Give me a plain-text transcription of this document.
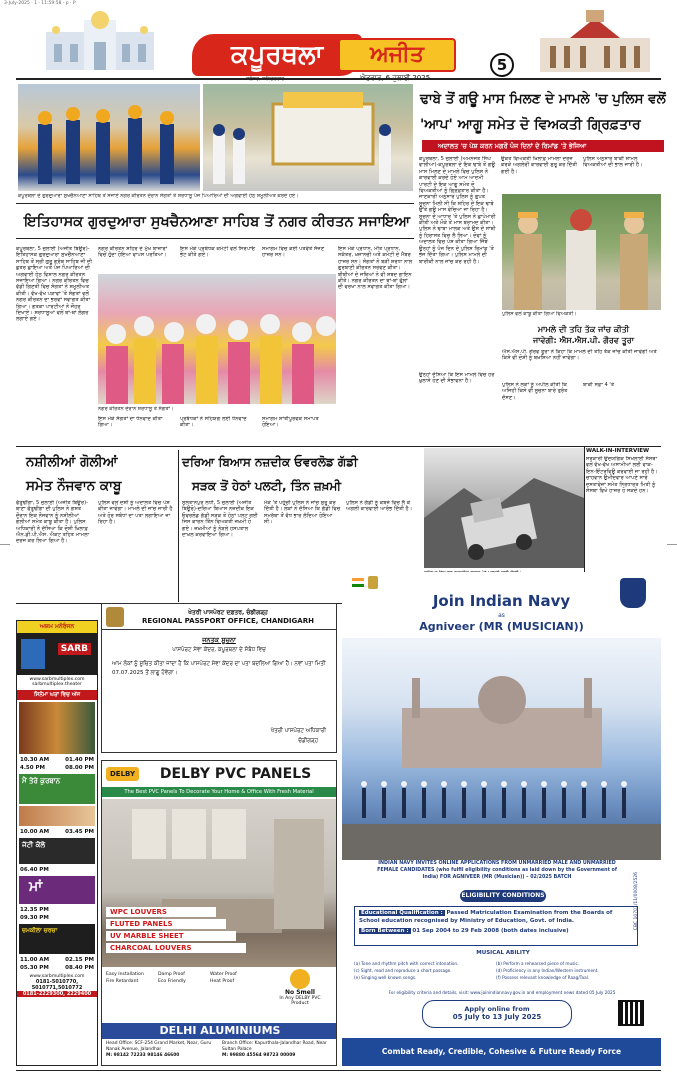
3-July-2025 · 1 · 11:59:58 · p · P
ਕਪੂਰਥਲਾ	ਅਜੀਤ	5
ਕਪੂਰਥਲਾ ਦੇ ਗੁਰਦੁਆਰਾ ਸੁਖਚੈਨਆਣਾ ਸਾਹਿਬ ਤੋਂ ਸਜਾਏ ਨਗਰ ਕੀਰਤਨ ਦੌਰਾਨ ਸੰਗਤਾਂ ਤੇ ਸ਼ਰਧਾਲੂ ਪੰਜ ਪਿਆਰਿਆਂ ਦੀ ਅਗਵਾਈ ਹੇਠ ਸ਼ਮੂਲੀਅਤ ਕਰਦੇ ਹੋਏ।
ਢਾਬੇ ਤੋਂ ਗਊ ਮਾਸ ਮਿਲਣ ਦੇ ਮਾਮਲੇ 'ਚ ਪੁਲਿਸ ਵਲੋਂ
'ਆਪ' ਆਗੂ ਸਮੇਤ ਦੋ ਵਿਅਕਤੀ ਗ੍ਰਿਫ਼ਤਾਰ
ਅਦਾਲਤ 'ਚ ਪੇਸ਼ ਕਰਨ ਮਗਰੋਂ ਪੰਜ ਦਿਨਾਂ ਦੇ ਰਿਮਾਂਡ 'ਤੇ ਭੇਜਿਆ
ਕਪੂਰਥਲਾ, 5 ਜੁਲਾਈ (ਅਮਨਜੋਤ ਸਿੰਘ ਵਾਲੀਆ)-ਕਪੂਰਥਲਾ ਦੇ ਇਕ ਢਾਬੇ ਤੋਂ ਗਊ ਮਾਸ ਮਿਲਣ ਦੇ ਮਾਮਲੇ ਵਿਚ ਪੁਲਿਸ ਨੇ ਕਾਰਵਾਈ ਕਰਦੇ ਹੋਏ ਆਮ ਆਦਮੀ ਪਾਰਟੀ ਦੇ ਇਕ ਆਗੂ ਸਮੇਤ ਦੋ ਵਿਅਕਤੀਆਂ ਨੂੰ ਗ੍ਰਿਫ਼ਤਾਰ ਕੀਤਾ ਹੈ। ਜਾਣਕਾਰੀ ਅਨੁਸਾਰ ਪੁਲਿਸ ਨੂੰ ਗੁਪਤ ਸੂਚਨਾ ਮਿਲੀ ਸੀ ਕਿ ਸ਼ਹਿਰ ਦੇ ਇਕ ਢਾਬੇ ਉੱਤੇ ਗਊ ਮਾਸ ਵੇਚਿਆ ਜਾ ਰਿਹਾ ਹੈ। ਸੂਚਨਾ ਦੇ ਆਧਾਰ 'ਤੇ ਪੁਲਿਸ ਨੇ ਛਾਪੇਮਾਰੀ ਕੀਤੀ ਅਤੇ ਮੌਕੇ ਤੋਂ ਮਾਸ ਬਰਾਮਦ ਕੀਤਾ। ਪੁਲਿਸ ਨੇ ਢਾਬਾ ਮਾਲਕ ਅਤੇ ਉਸ ਦੇ ਸਾਥੀ ਨੂੰ ਹਿਰਾਸਤ ਵਿਚ ਲੈ ਲਿਆ। ਦੋਵਾਂ ਨੂੰ ਅਦਾਲਤ ਵਿਚ ਪੇਸ਼ ਕੀਤਾ ਗਿਆ ਜਿੱਥੋਂ ਉਨ੍ਹਾਂ ਨੂੰ ਪੰਜ ਦਿਨ ਦੇ ਪੁਲਿਸ ਰਿਮਾਂਡ 'ਤੇ ਭੇਜ ਦਿੱਤਾ ਗਿਆ। ਪੁਲਿਸ ਮਾਮਲੇ ਦੀ ਬਾਰੀਕੀ ਨਾਲ ਜਾਂਚ ਕਰ ਰਹੀ ਹੈ।
ਉਕਤ ਵਿਅਕਤੀ ਖ਼ਿਲਾਫ਼ ਮਾਮਲਾ ਦਰਜ ਕਰਕੇ ਅਗਲੇਰੀ ਕਾਰਵਾਈ ਸ਼ੁਰੂ ਕਰ ਦਿੱਤੀ ਗਈ ਹੈ।
ਪੁਲਿਸ ਅਨੁਸਾਰ ਬਾਕੀ ਸ਼ਾਮਲ ਵਿਅਕਤੀਆਂ ਦੀ ਭਾਲ ਜਾਰੀ ਹੈ।
ਪੁਲਿਸ ਵਲੋਂ ਕਾਬੂ ਕੀਤਾ ਗਿਆ ਵਿਅਕਤੀ।
ਮਾਮਲੇ ਦੀ ਤਹਿ ਤੱਕ ਜਾਂਚ ਕੀਤੀ
ਜਾਵੇਗੀ: ਐਸ.ਐਸ.ਪੀ. ਗੌਰਵ ਤੂਰਾ
ਐਸ.ਐਸ.ਪੀ. ਗੌਰਵ ਤੂਰਾ ਨੇ ਕਿਹਾ ਕਿ ਮਾਮਲੇ ਦੀ ਤਹਿ ਤੱਕ ਜਾਂਚ ਕੀਤੀ ਜਾਵੇਗੀ ਅਤੇ ਕਿਸੇ ਵੀ ਦੋਸ਼ੀ ਨੂੰ ਬਖ਼ਸ਼ਿਆ ਨਹੀਂ ਜਾਵੇਗਾ।
ਉਨ੍ਹਾਂ ਦੱਸਿਆ ਕਿ ਇਸ ਮਾਮਲੇ ਵਿਚ ਹੋਰ ਖ਼ੁਲਾਸੇ ਹੋਣ ਦੀ ਸੰਭਾਵਨਾ ਹੈ।
ਪੁਲਿਸ ਨੇ ਲੋਕਾਂ ਨੂੰ ਅਪੀਲ ਕੀਤੀ ਕਿ ਅਜਿਹੀ ਕਿਸੇ ਵੀ ਸੂਚਨਾ ਬਾਰੇ ਤੁਰੰਤ ਦੱਸਣ।
ਬਾਕੀ ਸਫ਼ਾ 4 'ਤੇ
ਇਤਿਹਾਸਕ ਗੁਰਦੁਆਰਾ ਸੁਖਚੈਨਆਣਾ ਸਾਹਿਬ ਤੋਂ ਨਗਰ ਕੀਰਤਨ ਸਜਾਇਆ
ਕਪੂਰਥਲਾ, 5 ਜੁਲਾਈ (ਅਜੀਤ ਬਿਊਰੋ)-ਇਤਿਹਾਸਕ ਗੁਰਦੁਆਰਾ ਸੁਖਚੈਨਆਣਾ ਸਾਹਿਬ ਤੋਂ ਸ੍ਰੀ ਗੁਰੂ ਗ੍ਰੰਥ ਸਾਹਿਬ ਜੀ ਦੀ ਛਤਰ ਛਾਇਆ ਅਤੇ ਪੰਜ ਪਿਆਰਿਆਂ ਦੀ ਅਗਵਾਈ ਹੇਠ ਵਿਸ਼ਾਲ ਨਗਰ ਕੀਰਤਨ ਸਜਾਇਆ ਗਿਆ। ਨਗਰ ਕੀਰਤਨ ਵਿਚ ਵੱਡੀ ਗਿਣਤੀ ਵਿਚ ਸੰਗਤਾਂ ਨੇ ਸ਼ਮੂਲੀਅਤ ਕੀਤੀ। ਵੱਖ-ਵੱਖ ਪੜਾਵਾਂ 'ਤੇ ਸੰਗਤਾਂ ਵਲੋਂ ਨਗਰ ਕੀਰਤਨ ਦਾ ਭਰਵਾਂ ਸਵਾਗਤ ਕੀਤਾ ਗਿਆ। ਗਤਕਾ ਪਾਰਟੀਆਂ ਨੇ ਜੌਹਰ ਦਿਖਾਏ। ਸ਼ਰਧਾਲੂਆਂ ਵਲੋਂ ਥਾਂ-ਥਾਂ ਲੰਗਰ ਲਗਾਏ ਗਏ।
ਨਗਰ ਕੀਰਤਨ ਸ਼ਹਿਰ ਦੇ ਮੁੱਖ ਬਾਜ਼ਾਰਾਂ ਵਿਚੋਂ ਹੁੰਦਾ ਹੋਇਆ ਵਾਪਸ ਪਰਤਿਆ।
ਇਸ ਮੌਕੇ ਪ੍ਰਬੰਧਕ ਕਮੇਟੀ ਵਲੋਂ ਸਿਰਪਾਓ ਭੇਟ ਕੀਤੇ ਗਏ।
ਸਮਾਗਮ ਵਿਚ ਕਈ ਪਤਵੰਤੇ ਸੱਜਣ ਹਾਜ਼ਰ ਸਨ।
ਇਸ ਮੌਕੇ ਪ੍ਰਧਾਨ, ਮੀਤ ਪ੍ਰਧਾਨ, ਸਕੱਤਰ, ਖ਼ਜ਼ਾਨਚੀ ਅਤੇ ਕਮੇਟੀ ਦੇ ਮੈਂਬਰ ਹਾਜ਼ਰ ਸਨ। ਸੰਗਤਾਂ ਨੇ ਬੜੀ ਸ਼ਰਧਾ ਨਾਲ ਗੁਰਬਾਣੀ ਕੀਰਤਨ ਸਰਵਣ ਕੀਤਾ। ਬੀਬੀਆਂ ਦੇ ਜਥਿਆਂ ਨੇ ਵੀ ਸ਼ਬਦ ਗਾਇਨ ਕੀਤੇ। ਨਗਰ ਕੀਰਤਨ ਦਾ ਥਾਂ-ਥਾਂ ਫੁੱਲਾਂ ਦੀ ਵਰਖਾ ਨਾਲ ਸਵਾਗਤ ਕੀਤਾ ਗਿਆ।
ਨਗਰ ਕੀਰਤਨ ਦੌਰਾਨ ਸ਼ਰਧਾਲੂ ਤੇ ਸੰਗਤਾਂ।
ਇਸ ਮੌਕੇ ਸੰਗਤਾਂ ਦਾ ਧੰਨਵਾਦ ਕੀਤਾ ਗਿਆ।
ਪ੍ਰਬੰਧਕਾਂ ਨੇ ਸਹਿਯੋਗ ਲਈ ਧੰਨਵਾਦ ਕੀਤਾ।
ਸਮਾਗਮ ਸ਼ਾਂਤੀਪੂਰਵਕ ਸਮਾਪਤ ਹੋਇਆ।
ਨਸ਼ੀਲੀਆਂ ਗੋਲੀਆਂ
ਸਮੇਤ ਨੌਜਵਾਨ ਕਾਬੂ
ਫੱਤੂਢੀਂਗਾ, 5 ਜੁਲਾਈ (ਅਜੀਤ ਬਿਊਰੋ)-ਥਾਣਾ ਫੱਤੂਢੀਂਗਾ ਦੀ ਪੁਲਿਸ ਨੇ ਗਸ਼ਤ ਦੌਰਾਨ ਇਕ ਨੌਜਵਾਨ ਨੂੰ ਨਸ਼ੀਲੀਆਂ ਗੋਲੀਆਂ ਸਮੇਤ ਕਾਬੂ ਕੀਤਾ ਹੈ। ਪੁਲਿਸ ਅਧਿਕਾਰੀ ਨੇ ਦੱਸਿਆ ਕਿ ਦੋਸ਼ੀ ਖ਼ਿਲਾਫ਼ ਐਨ.ਡੀ.ਪੀ.ਐਸ. ਐਕਟ ਤਹਿਤ ਮਾਮਲਾ ਦਰਜ ਕਰ ਲਿਆ ਗਿਆ ਹੈ।
ਪੁਲਿਸ ਵਲੋਂ ਦੋਸ਼ੀ ਨੂੰ ਅਦਾਲਤ ਵਿਚ ਪੇਸ਼ ਕੀਤਾ ਜਾਵੇਗਾ। ਮਾਮਲੇ ਦੀ ਜਾਂਚ ਜਾਰੀ ਹੈ ਅਤੇ ਹੋਰ ਸਬੰਧਾਂ ਦਾ ਪਤਾ ਲਗਾਇਆ ਜਾ ਰਿਹਾ ਹੈ।
ਦਰਿਆ ਬਿਆਸ ਨਜ਼ਦੀਕ ਓਵਰਲੋਡ ਗੱਡੀ
ਸੜਕ ਤੋਂ ਹੇਠਾਂ ਪਲਟੀ, ਤਿੰਨ ਜ਼ਖ਼ਮੀ
ਸੁਲਤਾਨਪੁਰ ਲੋਧੀ, 5 ਜੁਲਾਈ (ਅਜੀਤ ਬਿਊਰੋ)-ਦਰਿਆ ਬਿਆਸ ਨਜ਼ਦੀਕ ਇਕ ਓਵਰਲੋਡ ਗੱਡੀ ਸੜਕ ਤੋਂ ਹੇਠਾਂ ਪਲਟ ਗਈ ਜਿਸ ਕਾਰਨ ਤਿੰਨ ਵਿਅਕਤੀ ਜ਼ਖ਼ਮੀ ਹੋ ਗਏ। ਜ਼ਖ਼ਮੀਆਂ ਨੂੰ ਨੇੜਲੇ ਹਸਪਤਾਲ ਦਾਖ਼ਲ ਕਰਵਾਇਆ ਗਿਆ।
ਮੌਕੇ 'ਤੇ ਪਹੁੰਚੀ ਪੁਲਿਸ ਨੇ ਜਾਂਚ ਸ਼ੁਰੂ ਕਰ ਦਿੱਤੀ ਹੈ। ਲੋਕਾਂ ਨੇ ਦੱਸਿਆ ਕਿ ਗੱਡੀ ਵਿਚ ਸਮਰੱਥਾ ਤੋਂ ਵੱਧ ਭਾਰ ਲੱਦਿਆ ਹੋਇਆ ਸੀ।
ਪੁਲਿਸ ਨੇ ਗੱਡੀ ਨੂੰ ਕਬਜ਼ੇ ਵਿਚ ਲੈ ਕੇ ਅਗਲੀ ਕਾਰਵਾਈ ਆਰੰਭ ਦਿੱਤੀ ਹੈ।
WALK-IN-INTERVIEW
ਸਰਕਾਰੀ ਉਦਯੋਗਿਕ ਸਿਖਲਾਈ ਸੰਸਥਾ ਵਲੋਂ ਵੱਖ-ਵੱਖ ਅਸਾਮੀਆਂ ਲਈ ਵਾਕ-ਇਨ-ਇੰਟਰਵਿਊ ਕਰਵਾਈ ਜਾ ਰਹੀ ਹੈ। ਚਾਹਵਾਨ ਉਮੀਦਵਾਰ ਆਪਣੇ ਸਾਰੇ ਦਸਤਾਵੇਜ਼ਾਂ ਸਮੇਤ ਨਿਰਧਾਰਤ ਮਿਤੀ ਨੂੰ ਸੰਸਥਾ ਵਿਖੇ ਹਾਜ਼ਰ ਹੋ ਸਕਦੇ ਹਨ।
ਅਜ਼ਮ ਮਨੋਰੰਜਨ
SARB
www.sarbmultiplex.com
sarbmultiplex.theater
ਸਿਨੇਮਾ ਘਰਾਂ ਵਿਚ ਅੱਜ
10.30 AM	01.40 PM
4.50 PM	08.00 PM
ਮੈਂ ਤੇਰੇ ਕੁਰਬਾਨ
10.00 AM	03.45 PM
ਜੱਟੀ ਕੋਲੇ
06.40 PM
ਮਾਂ
12.35 PM
09.30 PM
ਚਮਕੀਲਾ ਚਰਚਾ
11.00 AM	02.15 PM
05.30 PM	08.40 PM
www.sarbmultiplex.com
0181-5010770,
5010771,5010772
0181-2229300, 2229400
ਖੇਤਰੀ ਪਾਸਪੋਰਟ ਦਫ਼ਤਰ, ਚੰਡੀਗੜ੍ਹ
REGIONAL PASSPORT OFFICE, CHANDIGARH
ਜਨਤਕ ਸੂਚਨਾ
ਪਾਸਪੋਰਟ ਸੇਵਾ ਕੇਂਦਰ, ਕਪੂਰਥਲਾ ਦੇ ਸੰਬੰਧ ਵਿਚ
ਆਮ ਲੋਕਾਂ ਨੂੰ ਸੂਚਿਤ ਕੀਤਾ ਜਾਂਦਾ ਹੈ ਕਿ ਪਾਸਪੋਰਟ ਸੇਵਾ ਕੇਂਦਰ ਦਾ ਪਤਾ ਬਦਲਿਆ ਗਿਆ ਹੈ। ਨਵਾਂ ਪਤਾ ਮਿਤੀ 07.07.2025 ਤੋਂ ਲਾਗੂ ਹੋਵੇਗਾ।
ਖੇਤਰੀ ਪਾਸਪੋਰਟ ਅਧਿਕਾਰੀ
ਚੰਡੀਗੜ੍ਹ
DELBY	DELBY PVC PANELS
The Best PVC Panels To Decorate Your Home & Office With Fresh Material
WPC LOUVERS
FLUTED PANELS
UV MARBLE SHEET
CHARCOAL LOUVERS
No Smell
In Any DELBY PVC Product
Easy Installation	Damp Proof	Water Proof
Fire Retardant	Eco Friendly	Heat Proof
DELHI ALUMINIUMS
Head Office: SCF-254 Grand Market, Near, Guru Nanak Avenue, Jalandhar
M: 98142 72233 98146 46600
Branch Office: Kapurthala-Jalandhar Road, Near Sultan Palace
M: 99880 45564 98723 00009
Join Indian Navy
as
Agniveer (MR (MUSICIAN))
INDIAN NAVY INVITES ONLINE APPLICATIONS FROM UNMARRIED MALE AND UNMARRIED FEMALE CANDIDATES (who fulfil eligibility conditions as laid down by the Government of India) FOR AGNIVEER (MR (Musician)) – 02/2025 BATCH
ELIGIBILITY CONDITIONS
Educational Qualification : Passed Matriculation Examination from the Boards of School education recognised by Ministry of Education, Govt. of India.
Born Between : 01 Sep 2004 to 29 Feb 2008 (both dates inclusive)
MUSICAL ABILITY
(a) Tone and rhythm pitch with correct intonation.	(b) Perform a rehearsed piece of music.
(c) Sight, read and reproduce a short passage.	(d) Proficiency in any Indian/Western instrument.
(e) Singing well known songs.	(f) Possess relevant knowledge of Raag/Taal.
For eligibility criteria and details, visit: www.joinindiannavy.gov.in and employment news dated 05 July 2025
Apply online from
05 July to 13 July 2025
Combat Ready, Credible, Cohesive & Future Ready Force
CBC 10701/11/0008/2526
